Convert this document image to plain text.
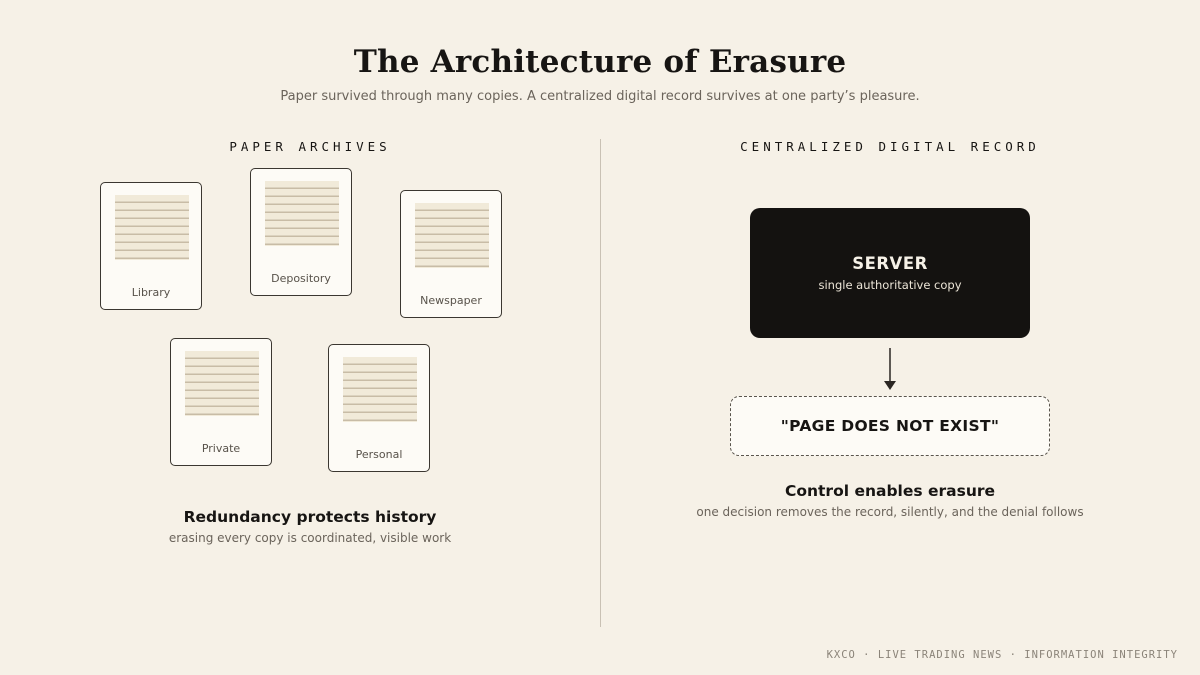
The Architecture of Erasure
Paper survived through many copies. A centralized digital record survives at one party’s pleasure.
PAPER ARCHIVES	CENTRALIZED DIGITAL RECORD
Library
Depository
Newspaper
Private	Personal
Redundancy protects history
erasing every copy is coordinated, visible work
SERVER
single authoritative copy
"PAGE DOES NOT EXIST"
Control enables erasure
one decision removes the record, silently, and the denial follows
KXCO · LIVE TRADING NEWS · INFORMATION INTEGRITY
